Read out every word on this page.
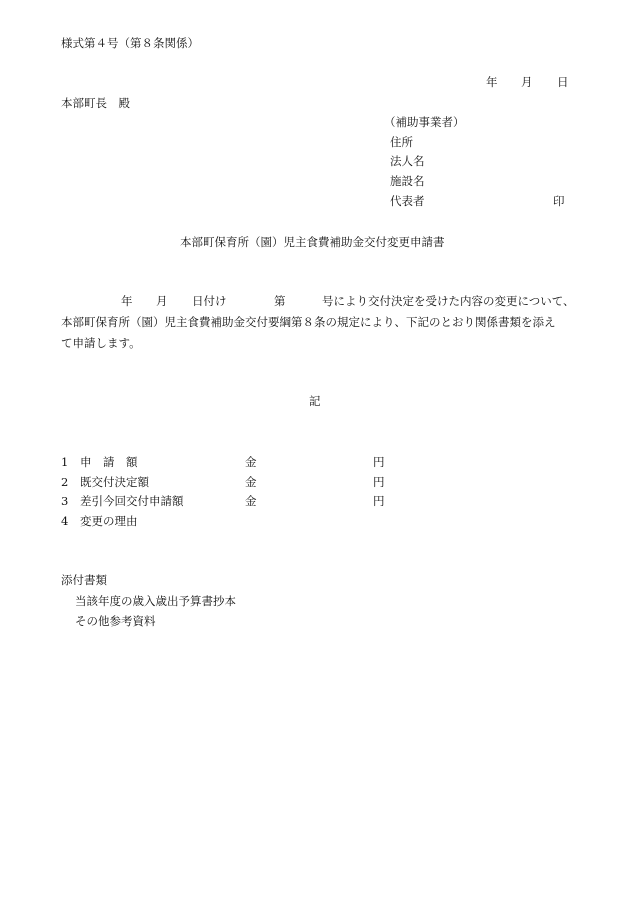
様式第４号（第８条関係）
年 月 日
本部町長　殿
（補助事業者）
住所
法人名
施設名
代表者	印
本部町保育所（園）児主食費補助金交付変更申請書
年 月 日付け	第	号により交付決定を受けた内容の変更について、
本部町保育所（園）児主食費補助金交付要綱第８条の規定により、下記のとおり関係書類を添え
て申請します。
記
1 申　請　額	金	円
2 既交付決定額	金	円
3 差引今回交付申請額	金	円
4 変更の理由
添付書類
当該年度の歳入歳出予算書抄本
その他参考資料
